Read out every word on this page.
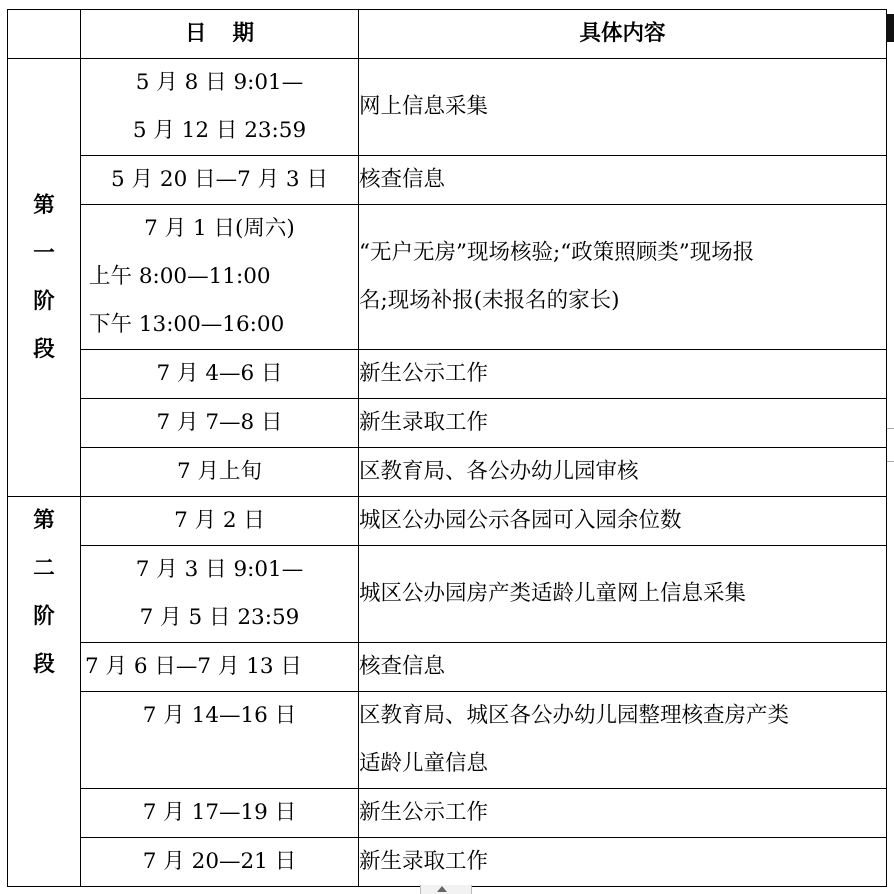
	日期	具体内容

第
一
阶
段	5 月 8 日 9:01—
5 月 12 日 23:59	网上信息采集

	5 月 20 日—7 月 3 日	核查信息

	7 月 1 日(周六)
上午 8:00—11:00
下午 13:00—16:00	“无户无房”现场核验;“政策照顾类”现场报
名;现场补报(未报名的家长)

	7 月 4—6 日	新生公示工作

	7 月 7—8 日	新生录取工作

	7 月上旬	区教育局、各公办幼儿园审核

第
二
阶
段	7 月 2 日	城区公办园公示各园可入园余位数

	7 月 3 日 9:01—
7 月 5 日 23:59	城区公办园房产类适龄儿童网上信息采集

	7 月 6 日—7 月 13 日	核查信息

	7 月 14—16 日	区教育局、城区各公办幼儿园整理核查房产类
适龄儿童信息

	7 月 17—19 日	新生公示工作

	7 月 20—21 日	新生录取工作
